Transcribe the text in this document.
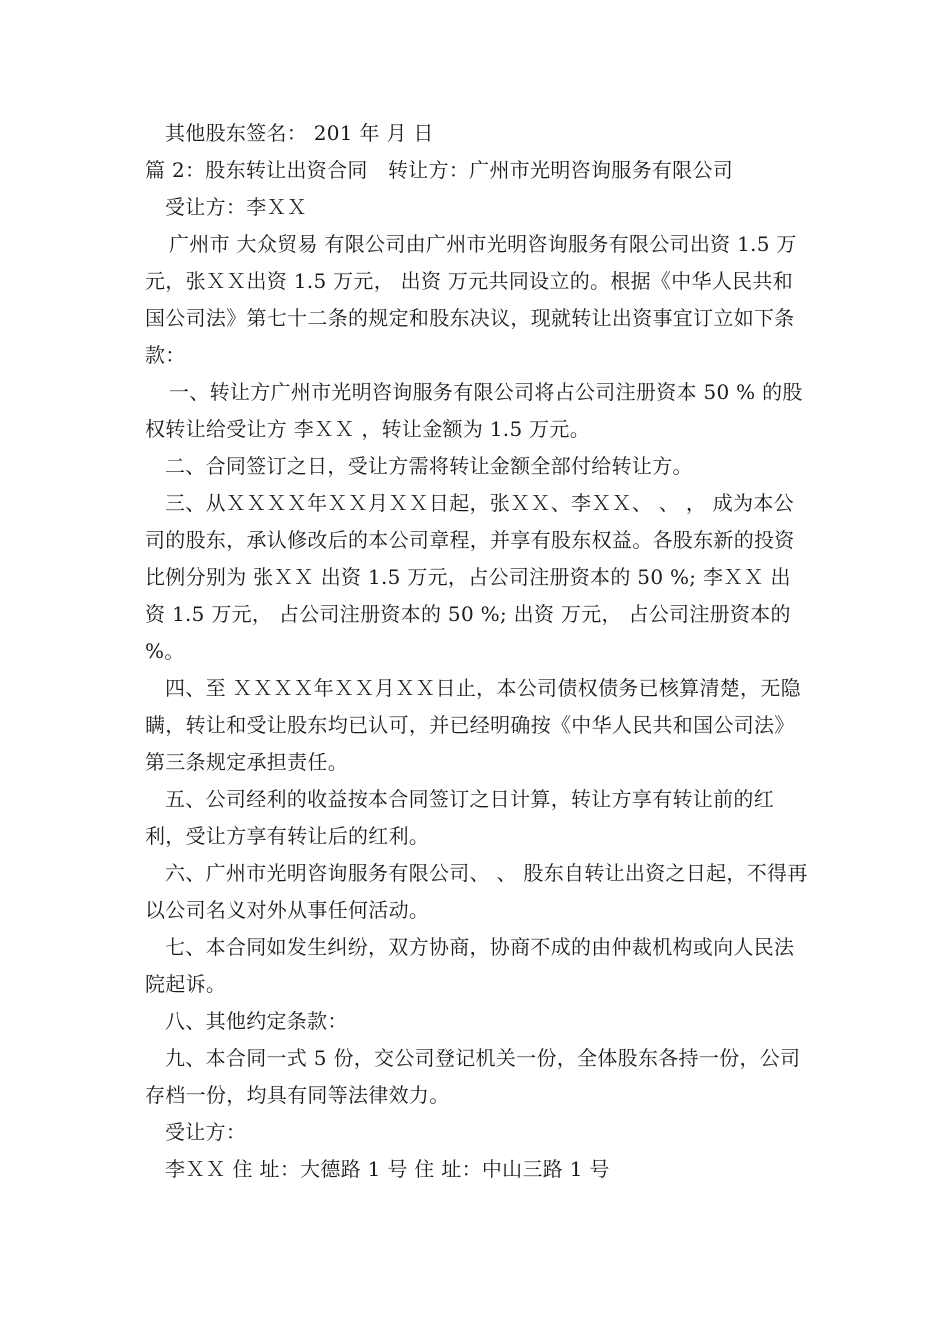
其他股东签名： 201 年 月 日

篇 2：股东转让出资合同　转让方：广州市光明咨询服务有限公司

受让方：李ＸＸ

广州市 大众贸易 有限公司由广州市光明咨询服务有限公司出资 1.5 万元，张ＸＸ出资 1.5 万元， 出资 万元共同设立的。根据《中华人民共和国公司法》第七十二条的规定和股东决议，现就转让出资事宜订立如下条款：

一、转让方广州市光明咨询服务有限公司将占公司注册资本 50 % 的股权转让给受让方 李ＸＸ ，转让金额为 1.5 万元。

二、合同签订之日，受让方需将转让金额全部付给转让方。

三、从ＸＸＸＸ年ＸＸ月ＸＸ日起，张ＸＸ、李ＸＸ、 、 ， 成为本公司的股东，承认修改后的本公司章程，并享有股东权益。各股东新的投资比例分别为 张ＸＸ 出资 1.5 万元，占公司注册资本的 50 %; 李ＸＸ 出资 1.5 万元， 占公司注册资本的 50 %; 出资 万元， 占公司注册资本的 %。

四、至 ＸＸＸＸ年ＸＸ月ＸＸ日止，本公司债权债务已核算清楚，无隐瞒，转让和受让股东均已认可，并已经明确按《中华人民共和国公司法》第三条规定承担责任。

五、公司经利的收益按本合同签订之日计算，转让方享有转让前的红利，受让方享有转让后的红利。

六、广州市光明咨询服务有限公司、 、 股东自转让出资之日起，不得再以公司名义对外从事任何活动。

七、本合同如发生纠纷，双方协商，协商不成的由仲裁机构或向人民法院起诉。

八、其他约定条款：

九、本合同一式 5 份，交公司登记机关一份，全体股东各持一份，公司存档一份，均具有同等法律效力。

受让方：

李ＸＸ 住 址：大德路 1 号 住 址：中山三路 1 号
